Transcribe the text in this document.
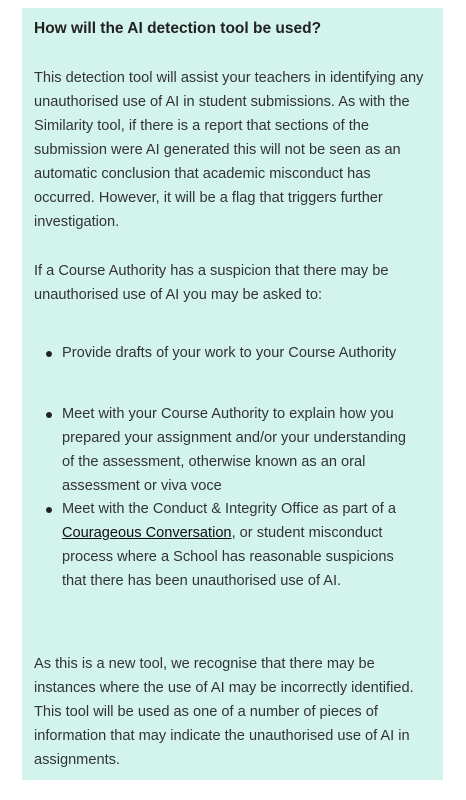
How will the AI detection tool be used?

This detection tool will assist your teachers in identifying any unauthorised use of AI in student submissions. As with the Similarity tool, if there is a report that sections of the submission were AI generated this will not be seen as an automatic conclusion that academic misconduct has occurred. However, it will be a flag that triggers further investigation.

If a Course Authority has a suspicion that there may be unauthorised use of AI you may be asked to:

Provide drafts of your work to your Course Authority
Meet with your Course Authority to explain how you prepared your assignment and/or your understanding of the assessment, otherwise known as an oral assessment or viva voce
Meet with the Conduct & Integrity Office as part of a Courageous Conversation, or student misconduct process where a School has reasonable suspicions that there has been unauthorised use of AI.

As this is a new tool, we recognise that there may be instances where the use of AI may be incorrectly identified. This tool will be used as one of a number of pieces of information that may indicate the unauthorised use of AI in assignments.
